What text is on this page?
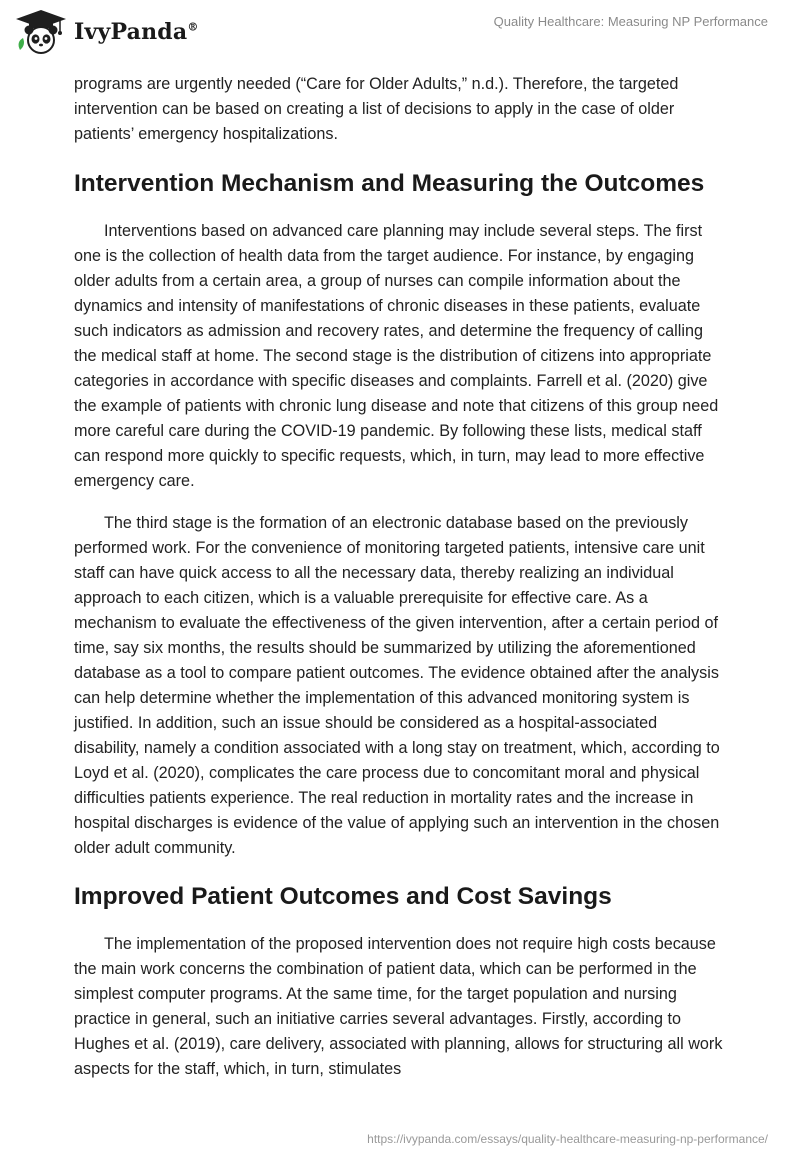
IvyPanda®	Quality Healthcare: Measuring NP Performance

programs are urgently needed (“Care for Older Adults,” n.d.). Therefore, the targeted intervention can be based on creating a list of decisions to apply in the case of older patients’ emergency hospitalizations.

Intervention Mechanism and Measuring the Outcomes

Interventions based on advanced care planning may include several steps. The first one is the collection of health data from the target audience. For instance, by engaging older adults from a certain area, a group of nurses can compile information about the dynamics and intensity of manifestations of chronic diseases in these patients, evaluate such indicators as admission and recovery rates, and determine the frequency of calling the medical staff at home. The second stage is the distribution of citizens into appropriate categories in accordance with specific diseases and complaints. Farrell et al. (2020) give the example of patients with chronic lung disease and note that citizens of this group need more careful care during the COVID-19 pandemic. By following these lists, medical staff can respond more quickly to specific requests, which, in turn, may lead to more effective emergency care.

The third stage is the formation of an electronic database based on the previously performed work. For the convenience of monitoring targeted patients, intensive care unit staff can have quick access to all the necessary data, thereby realizing an individual approach to each citizen, which is a valuable prerequisite for effective care. As a mechanism to evaluate the effectiveness of the given intervention, after a certain period of time, say six months, the results should be summarized by utilizing the aforementioned database as a tool to compare patient outcomes. The evidence obtained after the analysis can help determine whether the implementation of this advanced monitoring system is justified. In addition, such an issue should be considered as a hospital-associated disability, namely a condition associated with a long stay on treatment, which, according to Loyd et al. (2020), complicates the care process due to concomitant moral and physical difficulties patients experience. The real reduction in mortality rates and the increase in hospital discharges is evidence of the value of applying such an intervention in the chosen older adult community.

Improved Patient Outcomes and Cost Savings

The implementation of the proposed intervention does not require high costs because the main work concerns the combination of patient data, which can be performed in the simplest computer programs. At the same time, for the target population and nursing practice in general, such an initiative carries several advantages. Firstly, according to Hughes et al. (2019), care delivery, associated with planning, allows for structuring all work aspects for the staff, which, in turn, stimulates

https://ivypanda.com/essays/quality-healthcare-measuring-np-performance/
